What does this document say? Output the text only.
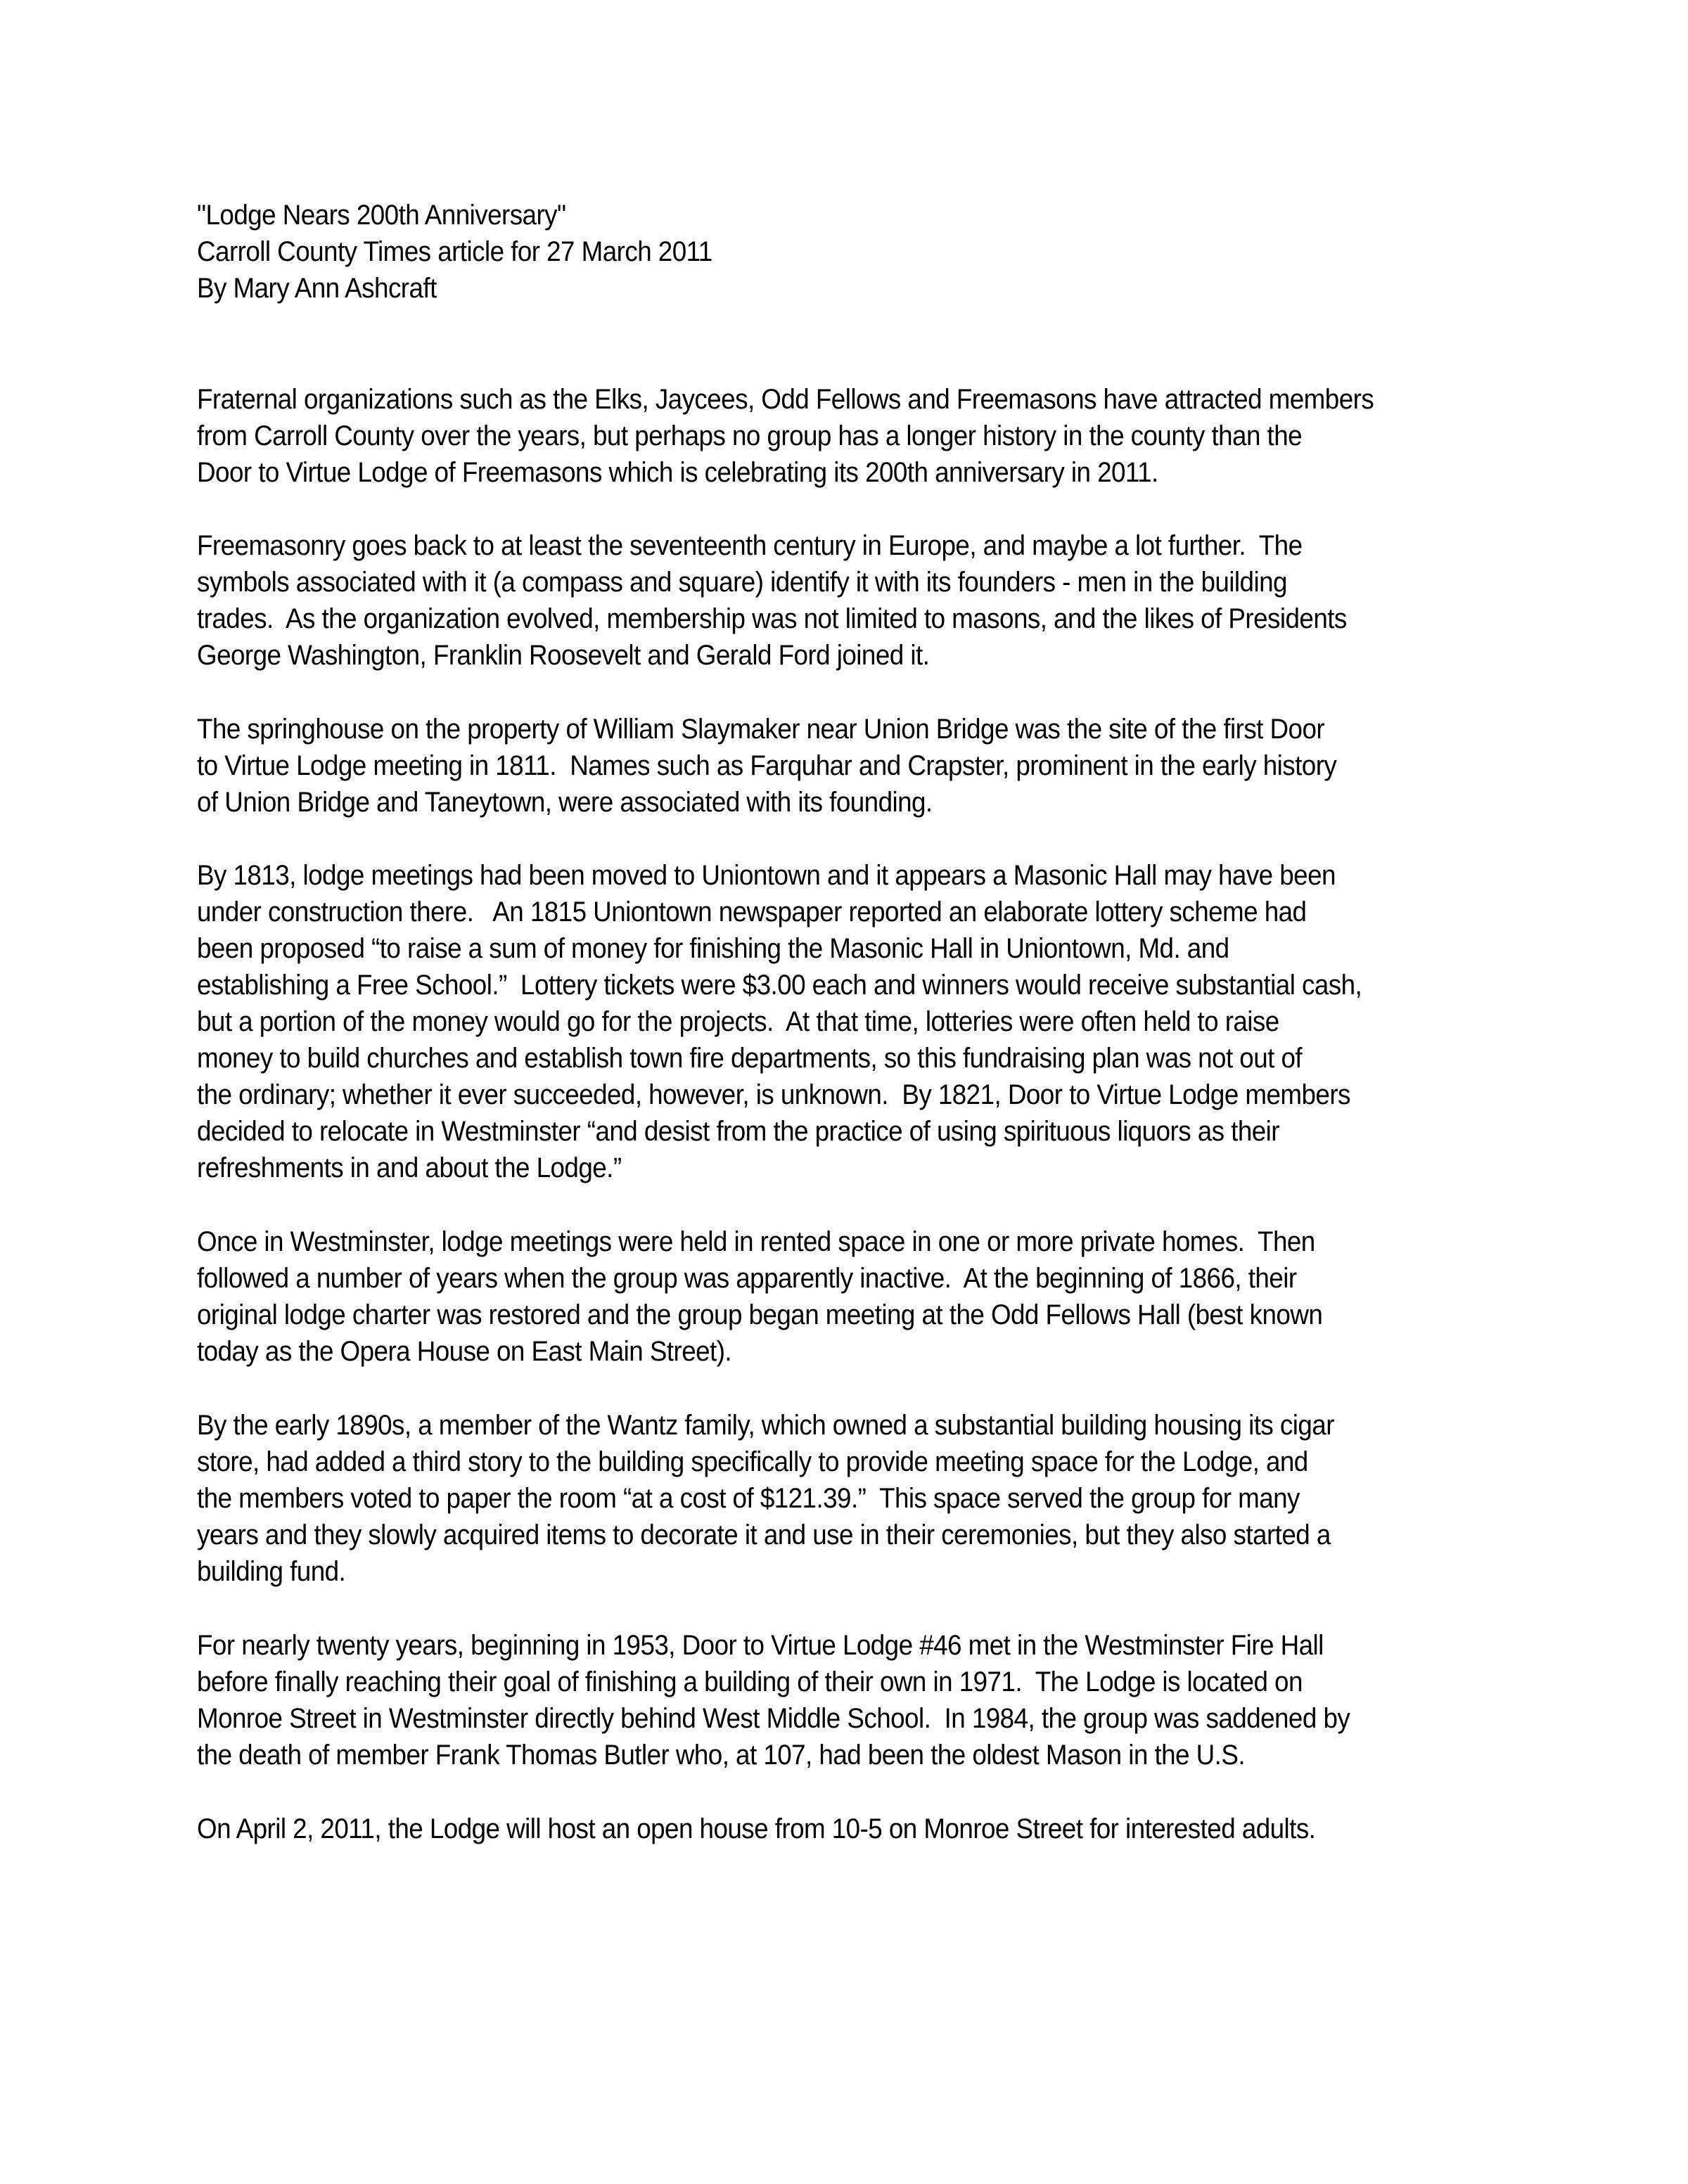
"Lodge Nears 200th Anniversary"
Carroll County Times article for 27 March 2011
By Mary Ann Ashcraft
Fraternal organizations such as the Elks, Jaycees, Odd Fellows and Freemasons have attracted members
from Carroll County over the years, but perhaps no group has a longer history in the county than the
Door to Virtue Lodge of Freemasons which is celebrating its 200th anniversary in 2011.
Freemasonry goes back to at least the seventeenth century in Europe, and maybe a lot further.  The
symbols associated with it (a compass and square) identify it with its founders - men in the building
trades.  As the organization evolved, membership was not limited to masons, and the likes of Presidents
George Washington, Franklin Roosevelt and Gerald Ford joined it.
The springhouse on the property of William Slaymaker near Union Bridge was the site of the first Door
to Virtue Lodge meeting in 1811.  Names such as Farquhar and Crapster, prominent in the early history
of Union Bridge and Taneytown, were associated with its founding.
By 1813, lodge meetings had been moved to Uniontown and it appears a Masonic Hall may have been
under construction there.   An 1815 Uniontown newspaper reported an elaborate lottery scheme had
been proposed “to raise a sum of money for finishing the Masonic Hall in Uniontown, Md. and
establishing a Free School.”  Lottery tickets were $3.00 each and winners would receive substantial cash,
but a portion of the money would go for the projects.  At that time, lotteries were often held to raise
money to build churches and establish town fire departments, so this fundraising plan was not out of
the ordinary; whether it ever succeeded, however, is unknown.  By 1821, Door to Virtue Lodge members
decided to relocate in Westminster “and desist from the practice of using spirituous liquors as their
refreshments in and about the Lodge.”
Once in Westminster, lodge meetings were held in rented space in one or more private homes.  Then
followed a number of years when the group was apparently inactive.  At the beginning of 1866, their
original lodge charter was restored and the group began meeting at the Odd Fellows Hall (best known
today as the Opera House on East Main Street).
By the early 1890s, a member of the Wantz family, which owned a substantial building housing its cigar
store, had added a third story to the building specifically to provide meeting space for the Lodge, and
the members voted to paper the room “at a cost of $121.39.”  This space served the group for many
years and they slowly acquired items to decorate it and use in their ceremonies, but they also started a
building fund.
For nearly twenty years, beginning in 1953, Door to Virtue Lodge #46 met in the Westminster Fire Hall
before finally reaching their goal of finishing a building of their own in 1971.  The Lodge is located on
Monroe Street in Westminster directly behind West Middle School.  In 1984, the group was saddened by
the death of member Frank Thomas Butler who, at 107, had been the oldest Mason in the U.S.
On April 2, 2011, the Lodge will host an open house from 10-5 on Monroe Street for interested adults.
